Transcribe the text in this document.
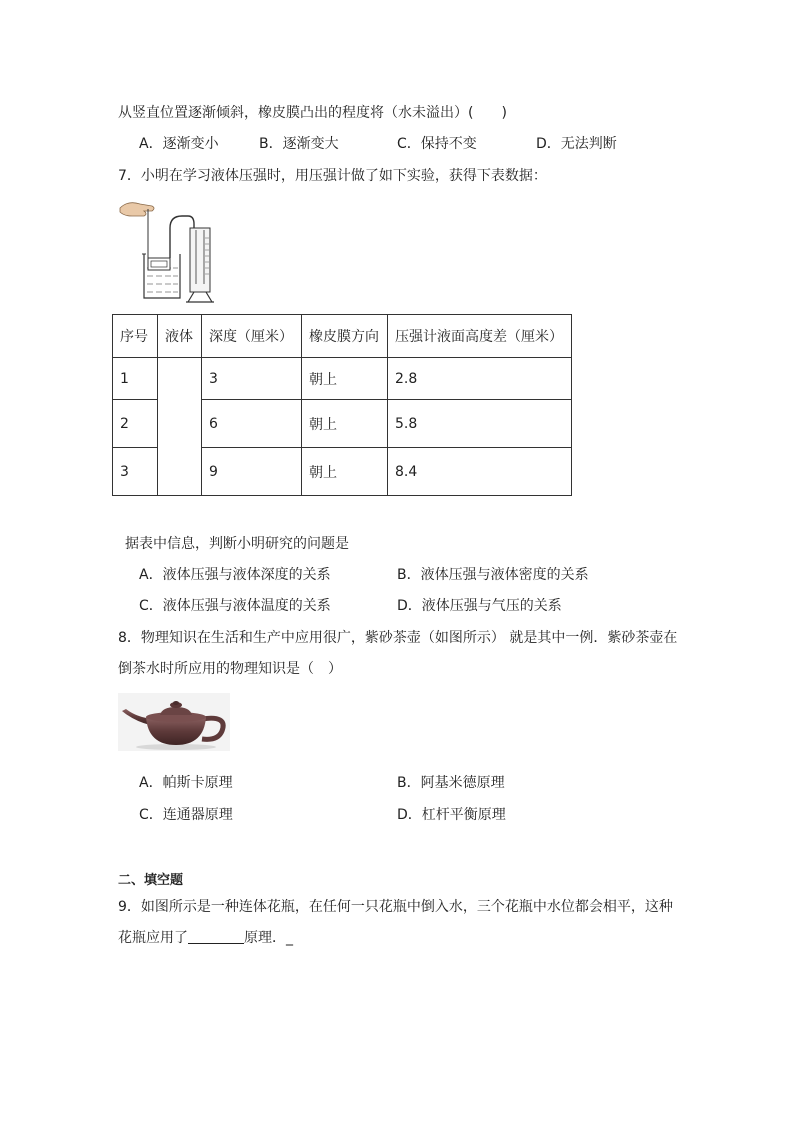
从竖直位置逐渐倾斜，橡皮膜凸出的程度将（水未溢出）(　　)
A．逐渐变小	B．逐渐变大	C．保持不变	D．无法判断
7．小明在学习液体压强时，用压强计做了如下实验，获得下表数据：
序号	液体	深度（厘米）	橡皮膜方向	压强计液面高度差（厘米）
1		3	朝上	2.8
2		6	朝上	5.8
3		9	朝上	8.4
据表中信息，判断小明研究的问题是
A．液体压强与液体深度的关系	B．液体压强与液体密度的关系
C．液体压强与液体温度的关系	D．液体压强与气压的关系
8．物理知识在生活和生产中应用很广，紫砂茶壶（如图所示） 就是其中一例．紫砂茶壶在
倒茶水时所应用的物理知识是（　）
A．帕斯卡原理	B．阿基米德原理
C．连通器原理	D．杠杆平衡原理
二、填空题
9．如图所示是一种连体花瓶，在任何一只花瓶中倒入水，三个花瓶中水位都会相平，这种
花瓶应用了	原理．_
